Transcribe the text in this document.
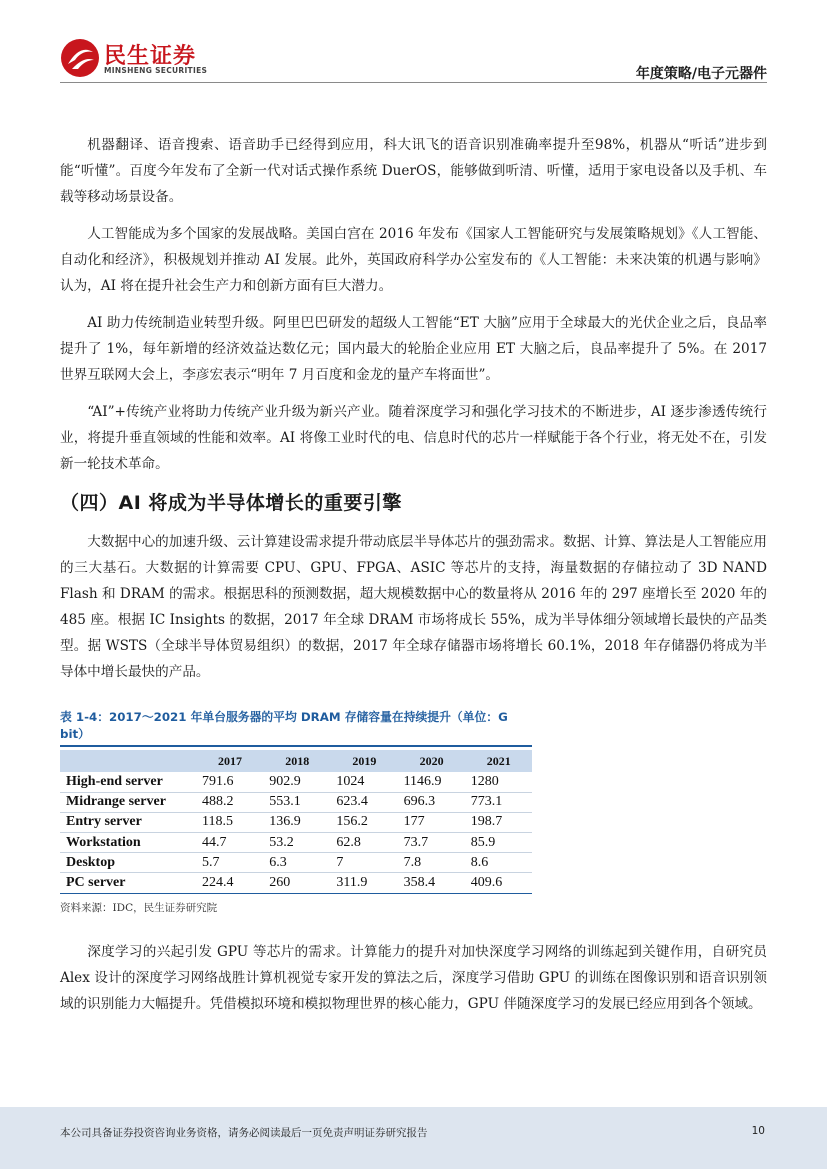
民生证券
MINSHENG SECURITIES	年度策略/电子元器件

机器翻译、语音搜索、语音助手已经得到应用，科大讯飞的语音识别准确率提升至98%，机器从“听话”进步到能“听懂”。百度今年发布了全新一代对话式操作系统 DuerOS，能够做到听清、听懂，适用于家电设备以及手机、车载等移动场景设备。

人工智能成为多个国家的发展战略。美国白宫在 2016 年发布《国家人工智能研究与发展策略规划》《人工智能、自动化和经济》，积极规划并推动 AI 发展。此外，英国政府科学办公室发布的《人工智能：未来决策的机遇与影响》认为，AI 将在提升社会生产力和创新方面有巨大潜力。

AI 助力传统制造业转型升级。阿里巴巴研发的超级人工智能“ET 大脑”应用于全球最大的光伏企业之后，良品率提升了 1%，每年新增的经济效益达数亿元；国内最大的轮胎企业应用 ET 大脑之后，良品率提升了 5%。在 2017 世界互联网大会上，李彦宏表示“明年 7 月百度和金龙的量产车将面世”。

“AI”+传统产业将助力传统产业升级为新兴产业。随着深度学习和强化学习技术的不断进步，AI 逐步渗透传统行业，将提升垂直领域的性能和效率。AI 将像工业时代的电、信息时代的芯片一样赋能于各个行业，将无处不在，引发新一轮技术革命。

（四）AI 将成为半导体增长的重要引擎

大数据中心的加速升级、云计算建设需求提升带动底层半导体芯片的强劲需求。数据、计算、算法是人工智能应用的三大基石。大数据的计算需要 CPU、GPU、FPGA、ASIC 等芯片的支持，海量数据的存储拉动了 3D NAND Flash 和 DRAM 的需求。根据思科的预测数据，超大规模数据中心的数量将从 2016 年的 297 座增长至 2020 年的 485 座。根据 IC Insights 的数据，2017 年全球 DRAM 市场将成长 55%，成为半导体细分领域增长最快的产品类型。据 WSTS（全球半导体贸易组织）的数据，2017 年全球存储器市场将增长 60.1%，2018 年存储器仍将成为半导体中增长最快的产品。

表 1-4：2017～2021 年单台服务器的平均 DRAM 存储容量在持续提升（单位：G bit）
	2017	2018	2019	2020	2021
High-end server	791.6	902.9	1024	1146.9	1280
Midrange server	488.2	553.1	623.4	696.3	773.1
Entry server	118.5	136.9	156.2	177	198.7
Workstation	44.7	53.2	62.8	73.7	85.9
Desktop	5.7	6.3	7	7.8	8.6
PC server	224.4	260	311.9	358.4	409.6
资料来源：IDC，民生证券研究院

深度学习的兴起引发 GPU 等芯片的需求。计算能力的提升对加快深度学习网络的训练起到关键作用，自研究员 Alex 设计的深度学习网络战胜计算机视觉专家开发的算法之后，深度学习借助 GPU 的训练在图像识别和语音识别领域的识别能力大幅提升。凭借模拟环境和模拟物理世界的核心能力，GPU 伴随深度学习的发展已经应用到各个领域。

本公司具备证券投资咨询业务资格，请务必阅读最后一页免责声明证券研究报告	10
